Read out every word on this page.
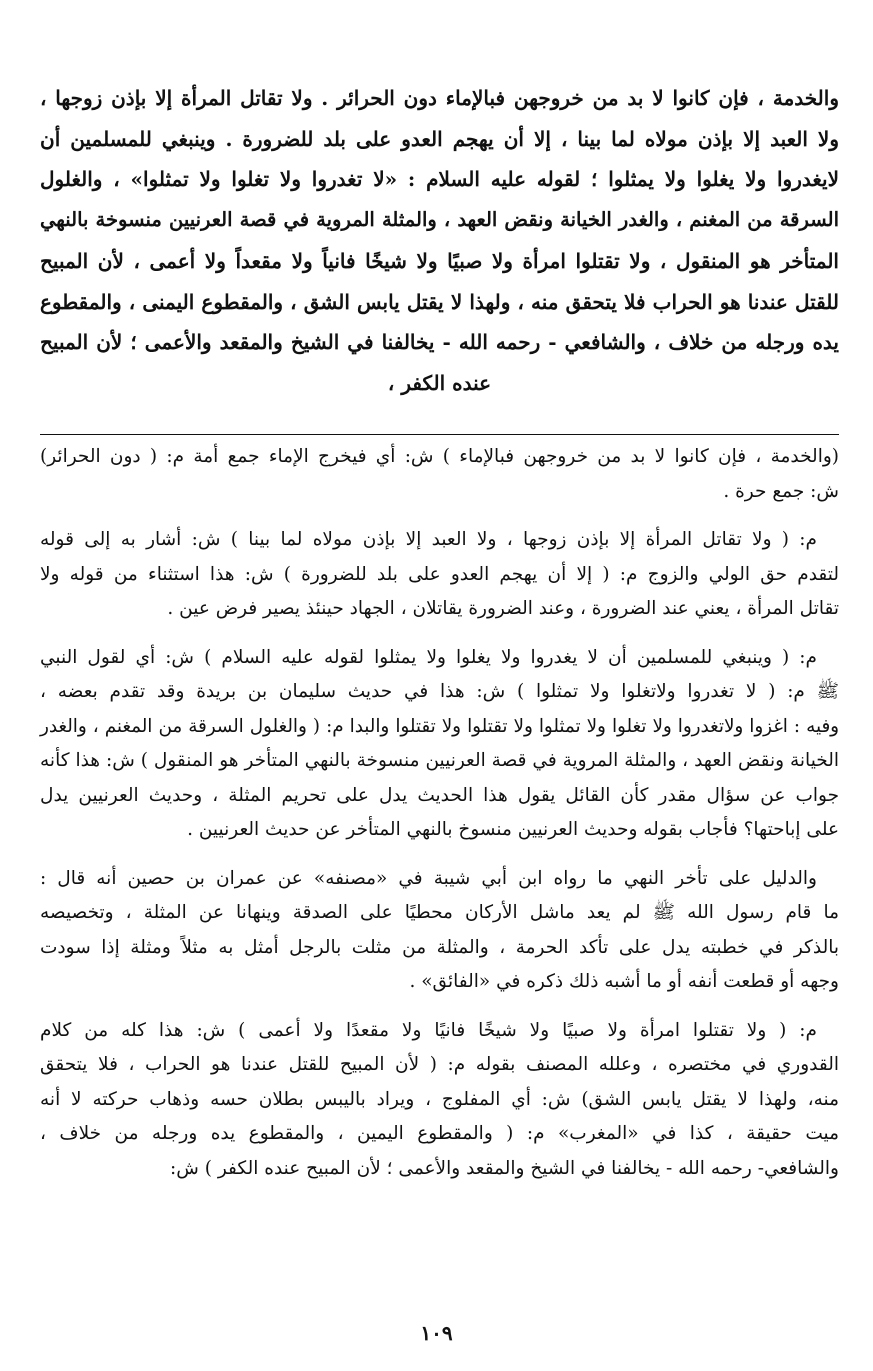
والخدمة ، فإن كانوا لا بد من خروجهن فبالإماء دون الحرائر . ولا تقاتل المرأة إلا بإذن زوجها ،
ولا العبد إلا بإذن مولاه لما بينا ، إلا أن يهجم العدو على بلد للضرورة . وينبغي للمسلمين أن
لايغدروا ولا يغلوا ولا يمثلوا ؛ لقوله عليه السلام : «لا تغدروا ولا تغلوا ولا تمثلوا» ، والغلول
السرقة من المغنم ، والغدر الخيانة ونقض العهد ، والمثلة المروية في قصة العرنيين منسوخة بالنهي
المتأخر هو المنقول ، ولا تقتلوا امرأة ولا صبيًا ولا شيخًا فانياً ولا مقعداً ولا أعمى ، لأن المبيح
للقتل عندنا هو الحراب فلا يتحقق منه ، ولهذا لا يقتل يابس الشق ، والمقطوع اليمنى ، والمقطوع
يده ورجله من خلاف ، والشافعي - رحمه الله - يخالفنا في الشيخ والمقعد والأعمى ؛ لأن المبيح
عنده الكفر ،
(والخدمة ، فإن كانوا لا بد من خروجهن فبالإماء ) ش: أي فيخرج الإماء جمع أمة م: ( دون الحرائر)
ش: جمع حرة .
م: ( ولا تقاتل المرأة إلا بإذن زوجها ، ولا العبد إلا بإذن مولاه لما بينا ) ش: أشار به إلى قوله
لتقدم حق الولي والزوج م: ( إلا أن يهجم العدو على بلد للضرورة ) ش: هذا استثناء من قوله ولا
تقاتل المرأة ، يعني عند الضرورة ، وعند الضرورة يقاتلان ، الجهاد حينئذ يصير فرض عين .
م: ( وينبغي للمسلمين أن لا يغدروا ولا يغلوا ولا يمثلوا لقوله عليه السلام ) ش: أي لقول النبي
ﷺ م: ( لا تغدروا ولاتغلوا ولا تمثلوا ) ش: هذا في حديث سليمان بن بريدة وقد تقدم بعضه ،
وفيه : اغزوا ولاتغدروا ولا تغلوا ولا تمثلوا ولا تقتلوا ولا تقتلوا والبدا م: ( والغلول السرقة من المغنم ، والغدر
الخيانة ونقض العهد ، والمثلة المروية في قصة العرنيين منسوخة بالنهي المتأخر هو المنقول ) ش: هذا كأنه
جواب عن سؤال مقدر كأن القائل يقول هذا الحديث يدل على تحريم المثلة ، وحديث العرنيين يدل
على إباحتها؟ فأجاب بقوله وحديث العرنيين منسوخ بالنهي المتأخر عن حديث العرنيين .
والدليل على تأخر النهي ما رواه ابن أبي شيبة في «مصنفه» عن عمران بن حصين أنه قال :
ما قام رسول الله ﷺ لم يعد ماشل الأركان محطيًا على الصدقة وينهانا عن المثلة ، وتخصيصه
بالذكر في خطبته يدل على تأكد الحرمة ، والمثلة من مثلت بالرجل أمثل به مثلاً ومثلة إذا سودت
وجهه أو قطعت أنفه أو ما أشبه ذلك ذكره في «الفائق» .
م: ( ولا تقتلوا امرأة ولا صبيًا ولا شيخًا فانيًا ولا مقعدًا ولا أعمى ) ش: هذا كله من كلام
القدوري في مختصره ، وعلله المصنف بقوله م: ( لأن المبيح للقتل عندنا هو الحراب ، فلا يتحقق
منه، ولهذا لا يقتل يابس الشق) ش: أي المفلوج ، ويراد باليبس بطلان حسه وذهاب حركته لا أنه
ميت حقيقة ، كذا في «المغرب» م: ( والمقطوع اليمين ، والمقطوع يده ورجله من خلاف ،
والشافعي- رحمه الله - يخالفنا في الشيخ والمقعد والأعمى ؛ لأن المبيح عنده الكفر ) ش:
١٠٩
